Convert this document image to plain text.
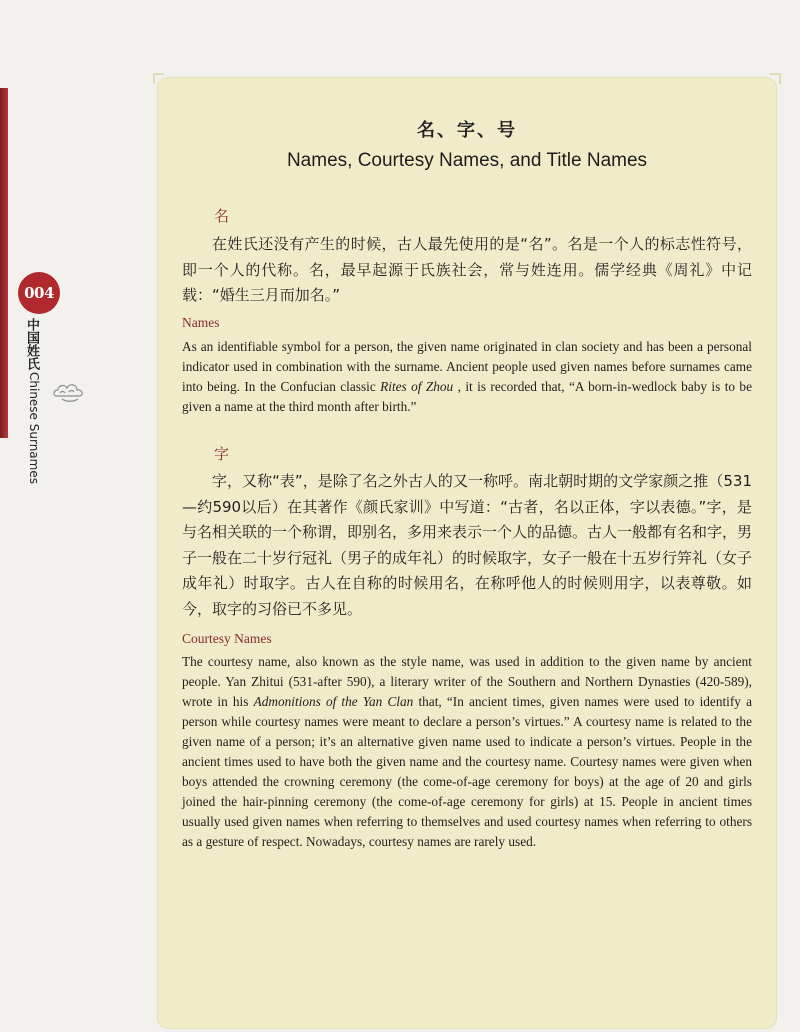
004
中国姓氏
Chinese Surnames
名、字、号
Names, Courtesy Names, and Title Names
名

在姓氏还没有产生的时候，古人最先使用的是“名”。名是一个人的标志性符号，即一个人的代称。名，最早起源于氏族社会，常与姓连用。儒学经典《周礼》中记载：“婚生三月而加名。”

Names

As an identifiable symbol for a person, the given name originated in clan society and has been a personal indicator used in combination with the surname. Ancient people used given names before surnames came into being. In the Confucian classic Rites of Zhou , it is recorded that, “A born-in-wedlock baby is to be given a name at the third month after birth.”

字

字，又称“表”，是除了名之外古人的又一称呼。南北朝时期的文学家颜之推（531—约590以后）在其著作《颜氏家训》中写道：“古者，名以正体，字以表德。”字，是与名相关联的一个称谓，即别名，多用来表示一个人的品德。古人一般都有名和字，男子一般在二十岁行冠礼（男子的成年礼）的时候取字，女子一般在十五岁行笄礼（女子成年礼）时取字。古人在自称的时候用名，在称呼他人的时候则用字，以表尊敬。如今，取字的习俗已不多见。

Courtesy Names

The courtesy name, also known as the style name, was used in addition to the given name by ancient people. Yan Zhitui (531-after 590), a literary writer of the Southern and Northern Dynasties (420-589), wrote in his Admonitions of the Yan Clan that, “In ancient times, given names were used to identify a person while courtesy names were meant to declare a person’s virtues.” A courtesy name is related to the given name of a person; it’s an alternative given name used to indicate a person’s virtues. People in the ancient times used to have both the given name and the courtesy name. Courtesy names were given when boys attended the crowning ceremony (the come-of-age ceremony for boys) at the age of 20 and girls joined the hair-pinning ceremony (the come-of-age ceremony for girls) at 15. People in ancient times usually used given names when referring to themselves and used courtesy names when referring to others as a gesture of respect. Nowadays, courtesy names are rarely used.
